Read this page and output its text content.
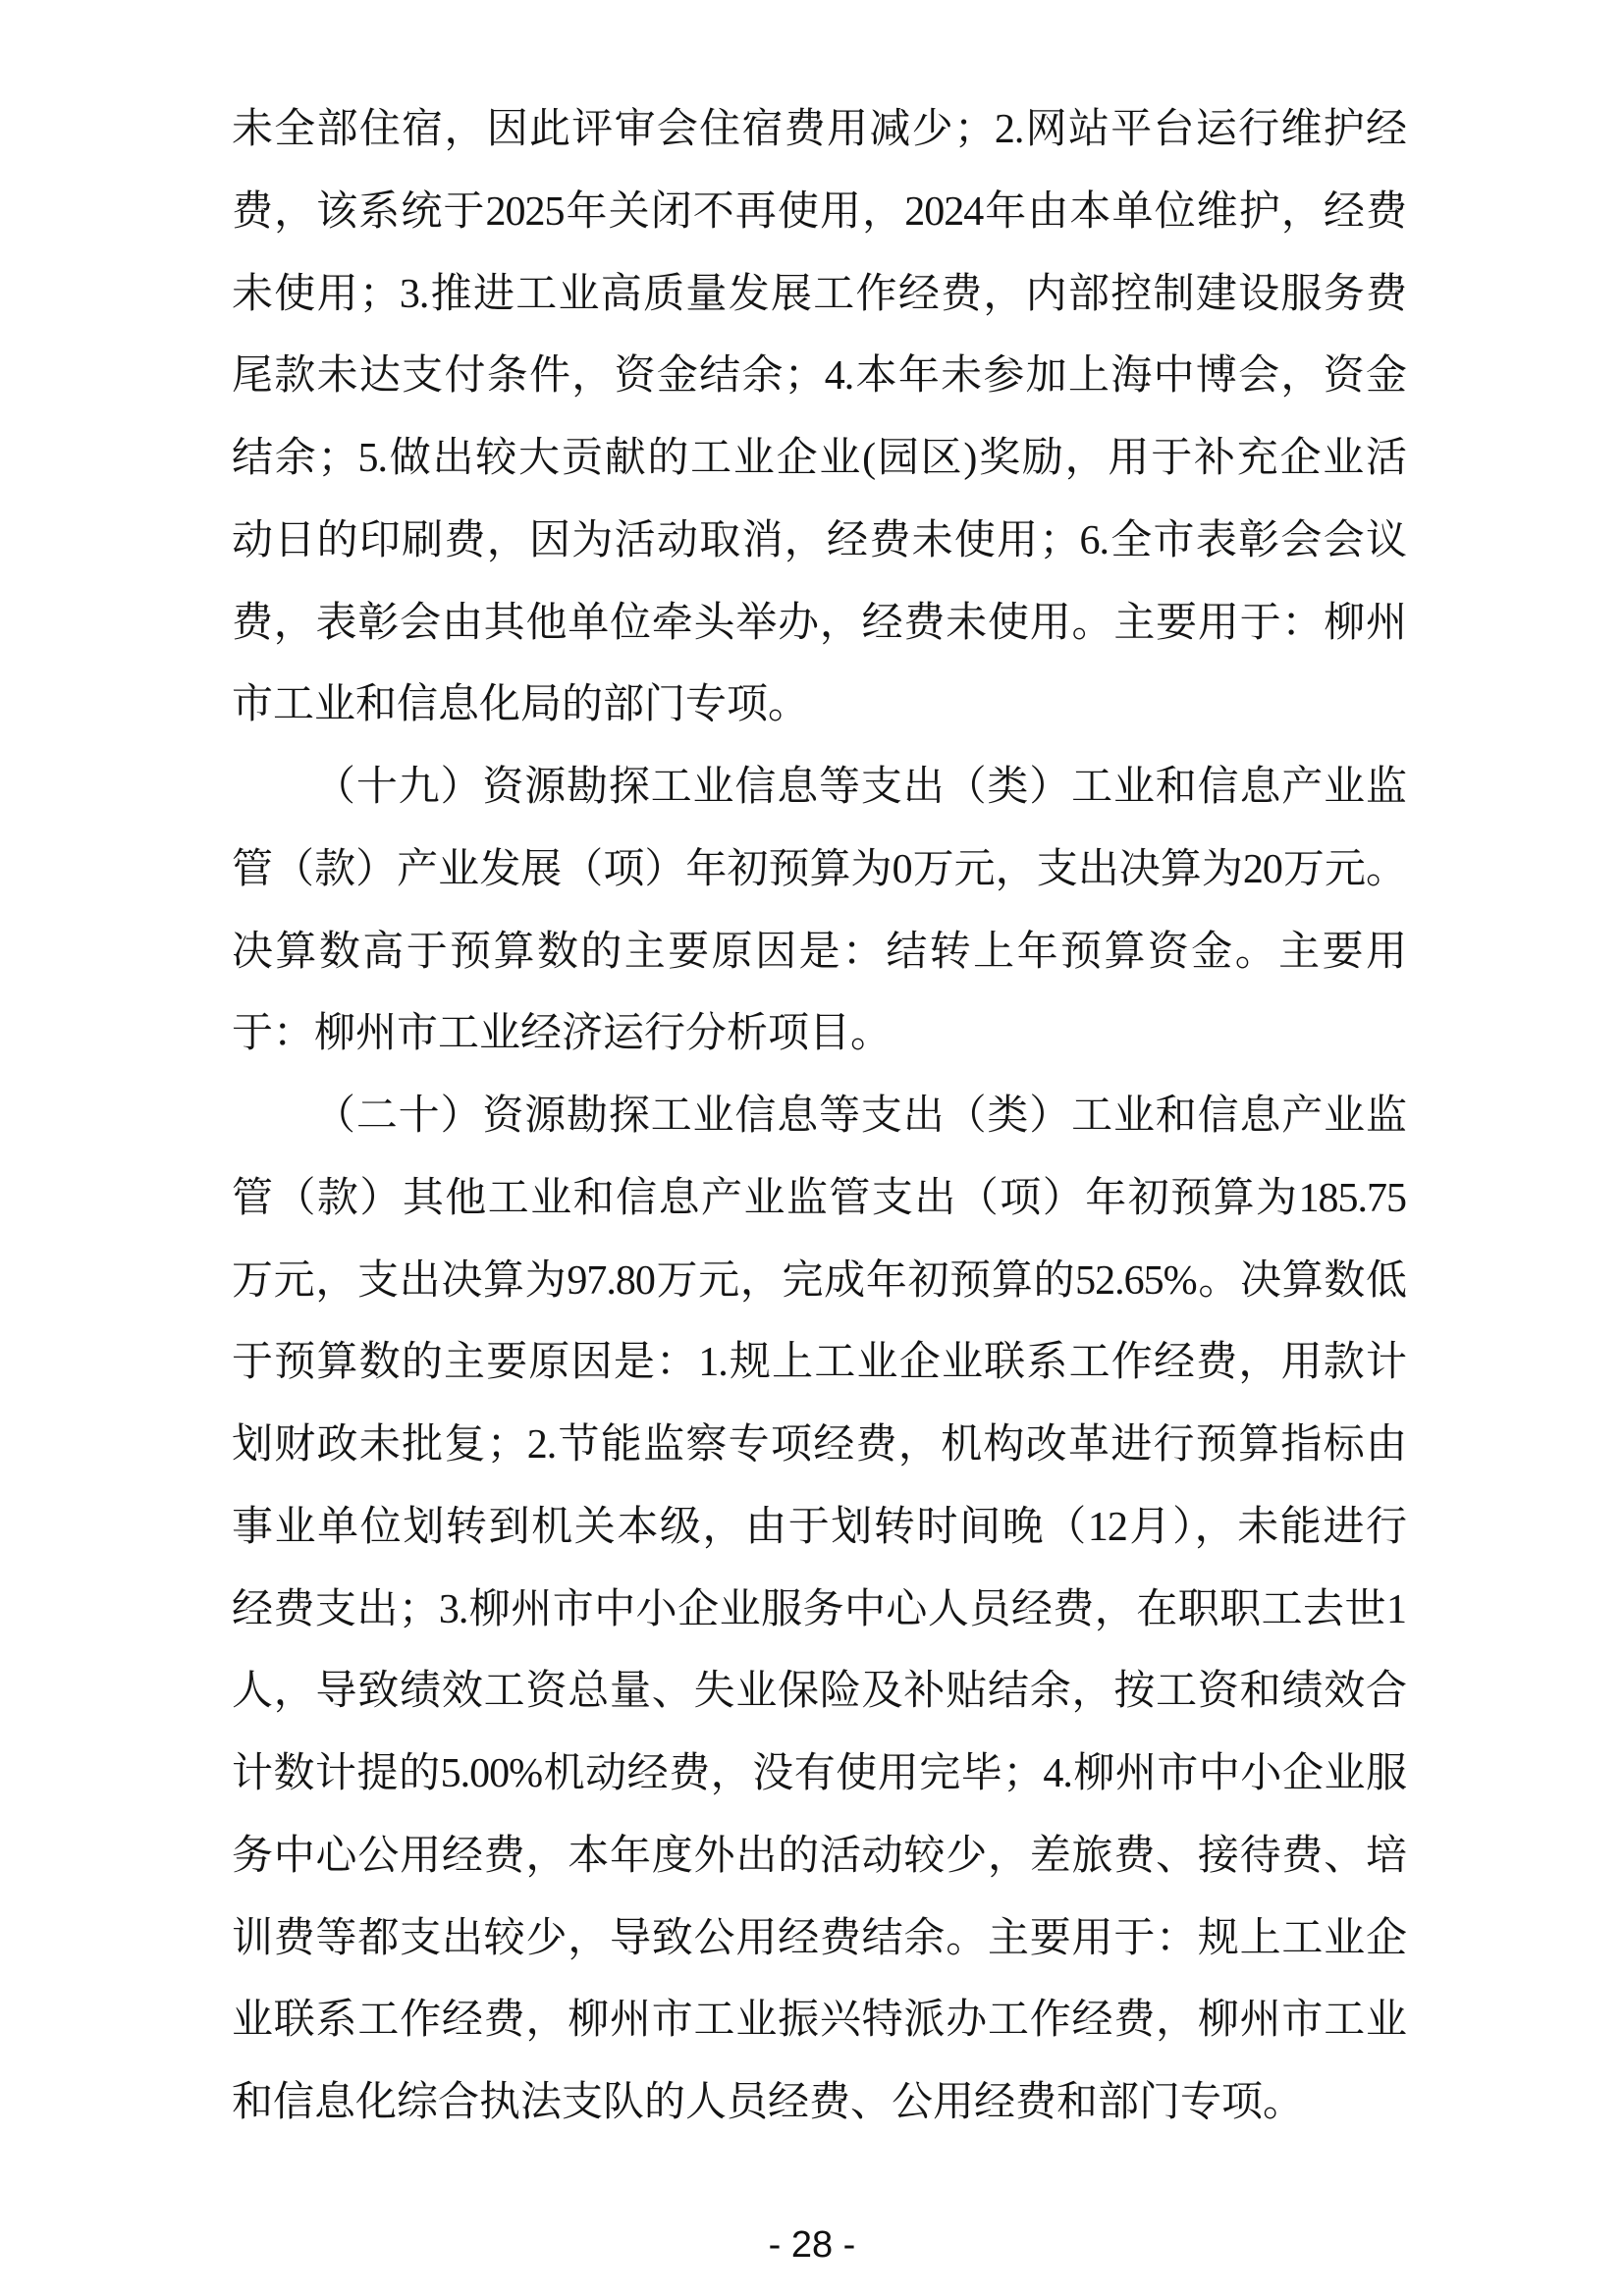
未全部住宿，因此评审会住宿费用减少；2.网站平台运行维护经
费，该系统于2025年关闭不再使用，2024年由本单位维护，经费
未使用；3.推进工业高质量发展工作经费，内部控制建设服务费
尾款未达支付条件，资金结余；4.本年未参加上海中博会，资金
结余；5.做出较大贡献的工业企业(园区)奖励，用于补充企业活
动日的印刷费，因为活动取消，经费未使用；6.全市表彰会会议
费，表彰会由其他单位牵头举办，经费未使用。主要用于：柳州
市工业和信息化局的部门专项。
（十九）资源勘探工业信息等支出（类）工业和信息产业监
管（款）产业发展（项）年初预算为0万元，支出决算为20万元。
决算数高于预算数的主要原因是：结转上年预算资金。主要用
于：柳州市工业经济运行分析项目。
（二十）资源勘探工业信息等支出（类）工业和信息产业监
管（款）其他工业和信息产业监管支出（项）年初预算为185.75
万元，支出决算为97.80万元，完成年初预算的52.65%。决算数低
于预算数的主要原因是：1.规上工业企业联系工作经费，用款计
划财政未批复；2.节能监察专项经费，机构改革进行预算指标由
事业单位划转到机关本级，由于划转时间晚（12月），未能进行
经费支出；3.柳州市中小企业服务中心人员经费，在职职工去世1
人，导致绩效工资总量、失业保险及补贴结余，按工资和绩效合
计数计提的5.00%机动经费，没有使用完毕；4.柳州市中小企业服
务中心公用经费，本年度外出的活动较少，差旅费、接待费、培
训费等都支出较少，导致公用经费结余。主要用于：规上工业企
业联系工作经费，柳州市工业振兴特派办工作经费，柳州市工业
和信息化综合执法支队的人员经费、公用经费和部门专项。
- 28 -
